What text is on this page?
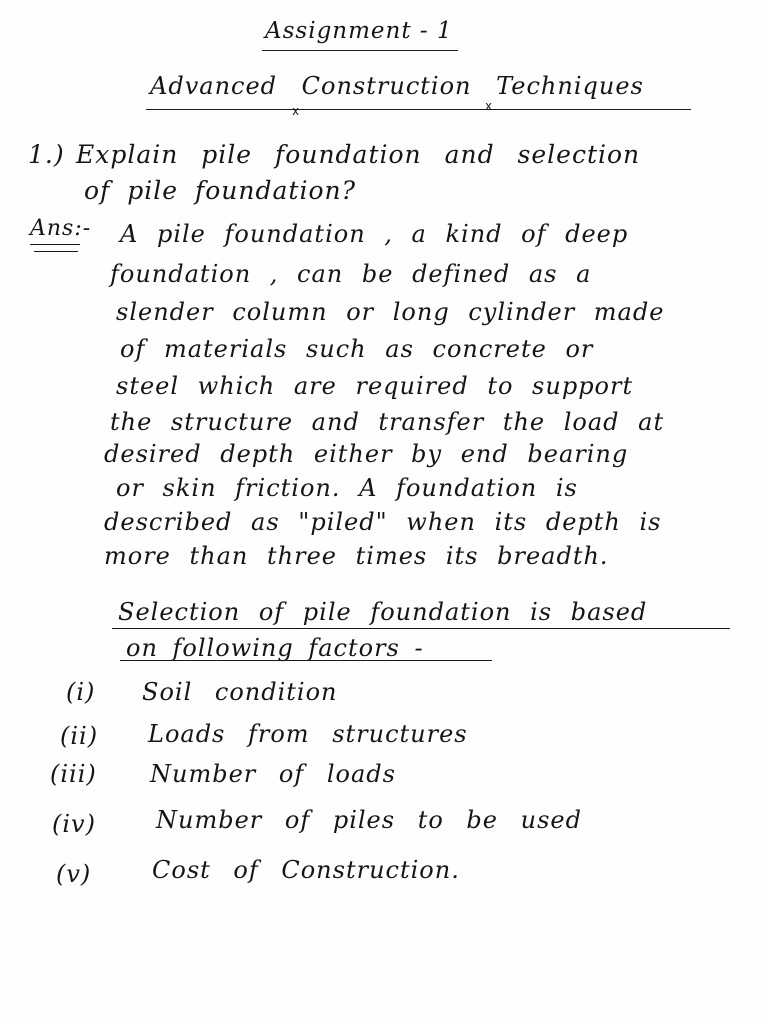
Assignment - 1
Advanced Construction Techniques
x	x
1.) Explain pile foundation and selection
of pile foundation?
Ans:- A pile foundation , a kind of deep
foundation , can be defined as a
slender column or long cylinder made
of materials such as concrete or
steel which are required to support
the structure and transfer the load at
desired depth either by end bearing
or skin friction. A foundation is
described as "piled" when its depth is
more than three times its breadth.
Selection of pile foundation is based
on following factors -
(i) Soil condition
(ii) Loads from structures
(iii) Number of loads
(iv)	Number of piles to be used
(v)	Cost of Construction.
